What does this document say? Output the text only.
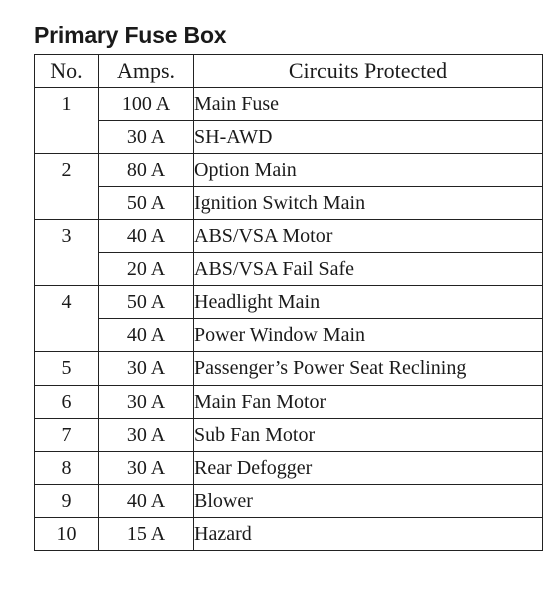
Primary Fuse Box
No.	Amps.	Circuits Protected
1	100 A	Main Fuse
	30 A	SH-AWD
2	80 A	Option Main
	50 A	Ignition Switch Main
3	40 A	ABS/VSA Motor
	20 A	ABS/VSA Fail Safe
4	50 A	Headlight Main
	40 A	Power Window Main
5	30 A	Passenger’s Power Seat Reclining

6	30 A	Main Fan Motor
7	30 A	Sub Fan Motor
8	30 A	Rear Defogger
9	40 A	Blower
10	15 A	Hazard
